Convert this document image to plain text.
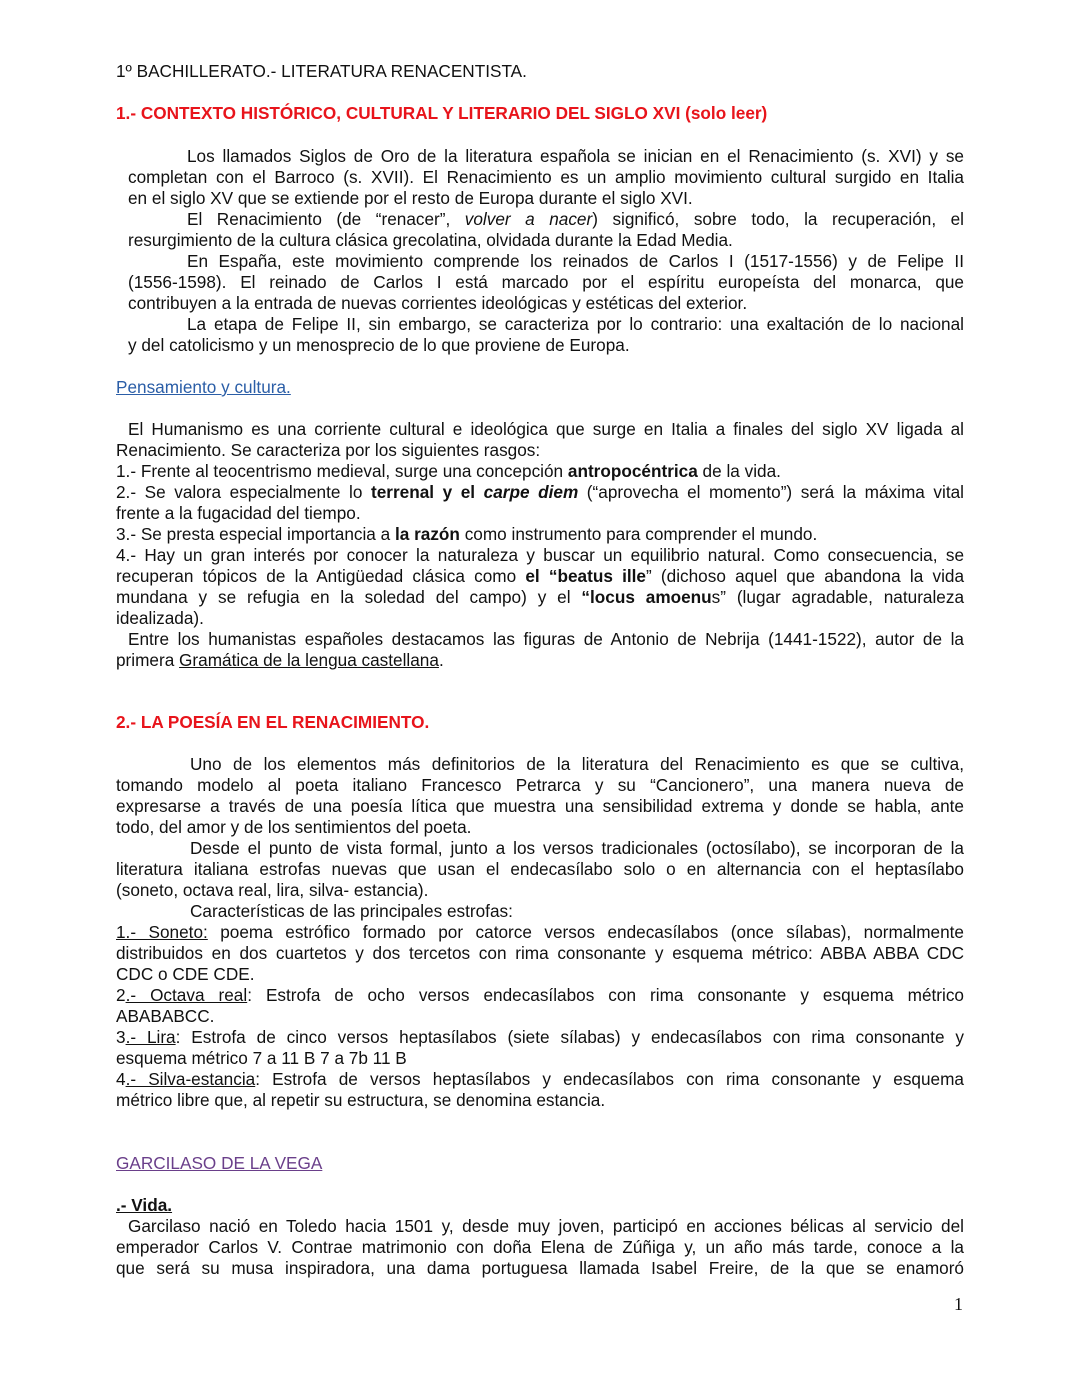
1º BACHILLERATO.- LITERATURA RENACENTISTA.
1.- CONTEXTO HISTÓRICO, CULTURAL Y LITERARIO DEL SIGLO XVI (solo leer)
Los llamados Siglos de Oro de la literatura española se inician en el Renacimiento (s. XVI) y se
completan con el Barroco (s. XVII). El Renacimiento es un amplio movimiento cultural surgido en Italia
en el siglo XV que se extiende por el resto de Europa durante el siglo XVI.
El Renacimiento (de “renacer”, volver a nacer) significó, sobre todo, la recuperación, el
resurgimiento de la cultura clásica grecolatina, olvidada durante la Edad Media.
En España, este movimiento comprende los reinados de Carlos I (1517-1556) y de Felipe II
(1556-1598). El reinado de Carlos I está marcado por el espíritu europeísta del monarca, que
contribuyen a la entrada de nuevas corrientes ideológicas y estéticas del exterior.
La etapa de Felipe II, sin embargo, se caracteriza por lo contrario: una exaltación de lo nacional
y del catolicismo y un menosprecio de lo que proviene de Europa.
Pensamiento y cultura.
El Humanismo es una corriente cultural e ideológica que surge en Italia a finales del siglo XV ligada al
Renacimiento. Se caracteriza por los siguientes rasgos:
1.- Frente al teocentrismo medieval, surge una concepción antropocéntrica de la vida.
2.- Se valora especialmente lo terrenal y el carpe diem (“aprovecha el momento”) será la máxima vital
frente a la fugacidad del tiempo.
3.- Se presta especial importancia a la razón como instrumento para comprender el mundo.
4.- Hay un gran interés por conocer la naturaleza y buscar un equilibrio natural. Como consecuencia, se
recuperan tópicos de la Antigüedad clásica como el “beatus ille” (dichoso aquel que abandona la vida
mundana y se refugia en la soledad del campo) y el “locus amoenus” (lugar agradable, naturaleza
idealizada).
Entre los humanistas españoles destacamos las figuras de Antonio de Nebrija (1441-1522), autor de la
primera Gramática de la lengua castellana.
2.- LA POESÍA EN EL RENACIMIENTO.
Uno de los elementos más definitorios de la literatura del Renacimiento es que se cultiva,
tomando modelo al poeta italiano Francesco Petrarca y su “Cancionero”, una manera nueva de
expresarse a través de una poesía lítica que muestra una sensibilidad extrema y donde se habla, ante
todo, del amor y de los sentimientos del poeta.
Desde el punto de vista formal, junto a los versos tradicionales (octosílabo), se incorporan de la
literatura italiana estrofas nuevas que usan el endecasílabo solo o en alternancia con el heptasílabo
(soneto, octava real, lira, silva- estancia).
Características de las principales estrofas:
1.- Soneto: poema estrófico formado por catorce versos endecasílabos (once sílabas), normalmente
distribuidos en dos cuartetos y dos tercetos con rima consonante y esquema métrico: ABBA ABBA CDC
CDC o CDE CDE.
2.- Octava real: Estrofa de ocho versos endecasílabos con rima consonante y esquema métrico
ABABABCC.
3.- Lira: Estrofa de cinco versos heptasílabos (siete sílabas) y endecasílabos con rima consonante y
esquema métrico 7 a 11 B 7 a 7b 11 B
4.- Silva-estancia: Estrofa de versos heptasílabos y endecasílabos con rima consonante y esquema
métrico libre que, al repetir su estructura, se denomina estancia.
GARCILASO DE LA VEGA
.- Vida.
Garcilaso nació en Toledo hacia 1501 y, desde muy joven, participó en acciones bélicas al servicio del
emperador Carlos V. Contrae matrimonio con doña Elena de Zúñiga y, un año más tarde, conoce a la
que será su musa inspiradora, una dama portuguesa llamada Isabel Freire, de la que se enamoró
1
